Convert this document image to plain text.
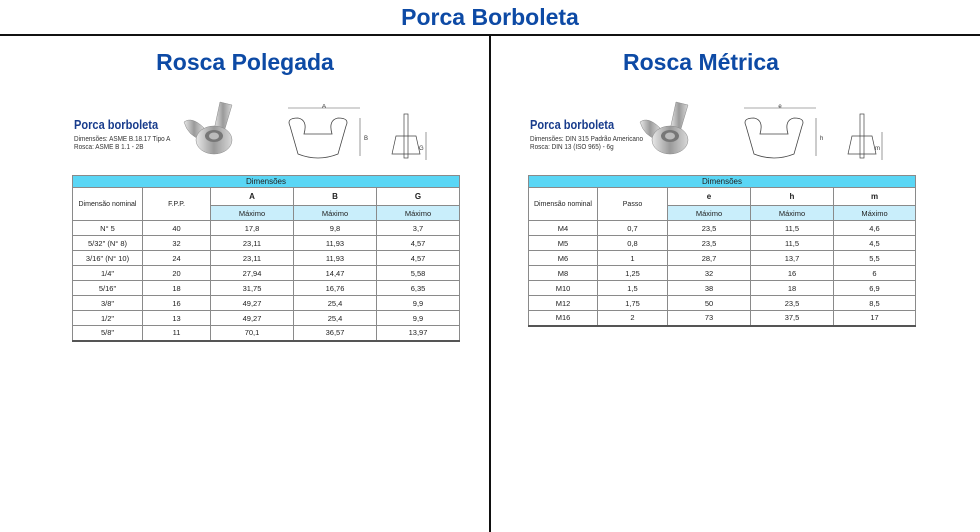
Porca Borboleta
Rosca Polegada
Porca borboleta
Dimensões: ASME B.18.17 Tipo A
Rosca: ASME B 1.1 - 2B
A
B
G
Dimensões				
Dimensão nominal	F.P.P.	A	B	G
		Máximo	Máximo	Máximo
N° 5	40	17,8	9,8	3,7
5/32" (N° 8)	32	23,11	11,93	4,57
3/16" (N° 10)	24	23,11	11,93	4,57
1/4"	20	27,94	14,47	5,58
5/16"	18	31,75	16,76	6,35
3/8"	16	49,27	25,4	9,9
1/2"	13	49,27	25,4	9,9
5/8"	11	70,1	36,57	13,97
Rosca Métrica
Porca borboleta
Dimensões: DIN 315 Padrão Americano
Rosca: DIN 13 (ISO 965) - 6g
e
h
m
Dimensões				
Dimensão nominal	Passo	e	h	m
		Máximo	Máximo	Máximo
M4	0,7	23,5	11,5	4,6
M5	0,8	23,5	11,5	4,5
M6	1	28,7	13,7	5,5
M8	1,25	32	16	6
M10	1,5	38	18	6,9
M12	1,75	50	23,5	8,5
M16	2	73	37,5	17
